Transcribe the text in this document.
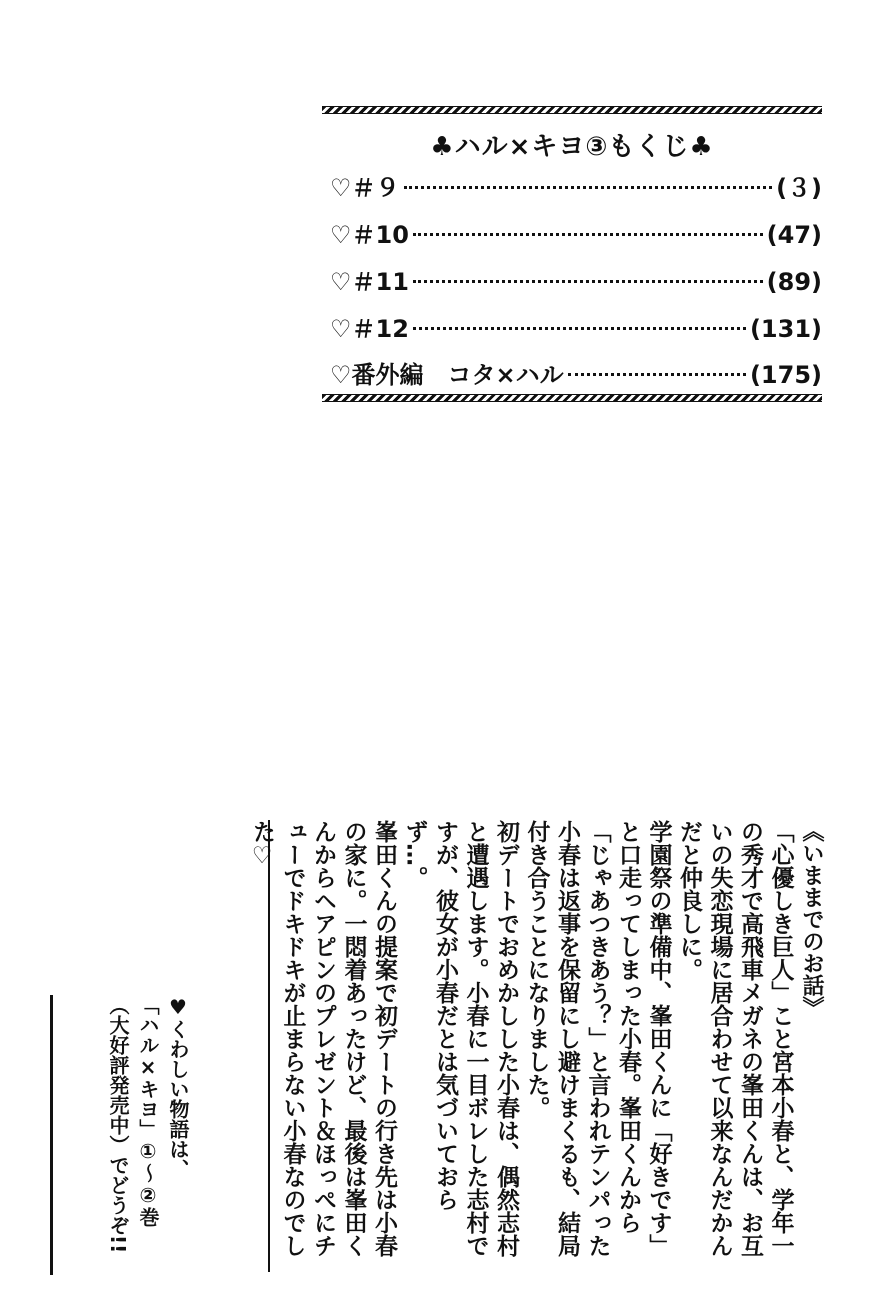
♣ハル×キヨ③もくじ♣
♡＃９	(３)
♡＃10	(47)
♡＃11	(89)
♡＃12	(131)
♡番外編　コタ×ハル	(175)

《いままでのお話》

「心優しき巨人」こと宮本小春と、学年一の秀才で高飛車メガネの峯田くんは、お互いの失恋現場に居合わせて以来なんだかんだと仲良しに。

学園祭の準備中、峯田くんに「好きです」と口走ってしまった小春。峯田くんから「じゃあつきあう？」と言われテンパった小春は返事を保留にし避けまくるも、結局付き合うことになりました。

初デートでおめかしした小春は、偶然志村と遭遇します。小春に一目ボレした志村ですが、彼女が小春だとは気づいておらず…。

峯田くんの提案で初デートの行き先は小春の家に。一悶着あったけど、最後は峯田くんからヘアピンのプレゼント＆ほっぺにチューでドキドキが止まらない小春なのでした♡

♥くわしい物語は、

「ハル×キヨ」①〜②巻

（大好評発売中）でどうぞ!!
